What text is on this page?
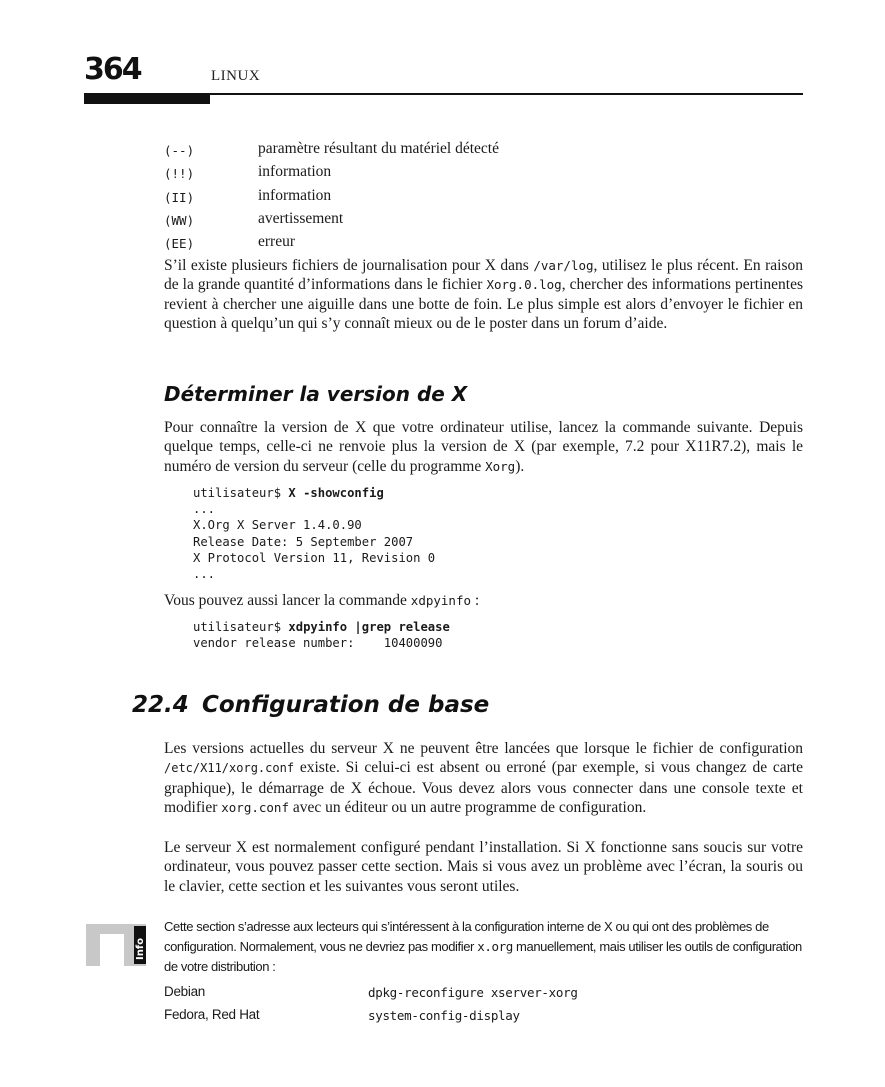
364	LINUX
(--)	paramètre résultant du matériel détecté
(!!)	information
(II)	information
(WW)	avertissement
(EE)	erreur

S’il existe plusieurs fichiers de journalisation pour X dans /var/log, utilisez le plus récent. En raison de la grande quantité d’informations dans le fichier Xorg.0.log, chercher des informations pertinentes revient à chercher une aiguille dans une botte de foin. Le plus simple est alors d’envoyer le fichier en question à quelqu’un qui s’y connaît mieux ou de le poster dans un forum d’aide.

Déterminer la version de X

Pour connaître la version de X que votre ordinateur utilise, lancez la commande suivante. Depuis quelque temps, celle-ci ne renvoie plus la version de X (par exemple, 7.2 pour X11R7.2), mais le numéro de version du serveur (celle du programme Xorg).

utilisateur$ X -showconfig
...
X.Org X Server 1.4.0.90
Release Date: 5 September 2007
X Protocol Version 11, Revision 0
...

Vous pouvez aussi lancer la commande xdpyinfo :

utilisateur$ xdpyinfo |grep release
vendor release number:    10400090
22.4 Configuration de base

Les versions actuelles du serveur X ne peuvent être lancées que lorsque le fichier de configuration /etc/X11/xorg.conf existe. Si celui-ci est absent ou erroné (par exemple, si vous changez de carte graphique), le démarrage de X échoue. Vous devez alors vous connecter dans une console texte et modifier xorg.conf avec un éditeur ou un autre programme de configuration.

Le serveur X est normalement configuré pendant l’installation. Si X fonctionne sans soucis sur votre ordinateur, vous pouvez passer cette section. Mais si vous avez un problème avec l’écran, la souris ou le clavier, cette section et les suivantes vous seront utiles.

Info

Cette section s’adresse aux lecteurs qui s’intéressent à la configuration interne de X ou qui ont des problèmes de configuration. Normalement, vous ne devriez pas modifier x.org manuellement, mais utiliser les outils de configuration de votre distribution :

Debian	dpkg-reconfigure xserver-xorg
Fedora, Red Hat	system-config-display
